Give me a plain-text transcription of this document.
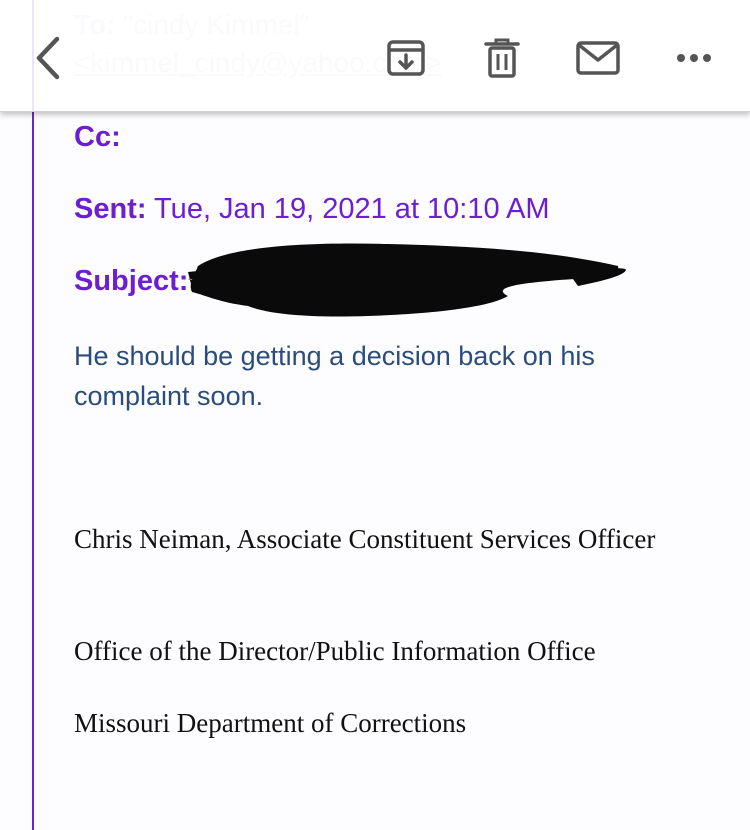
Cc:
Sent: Tue, Jan 19, 2021 at 10:10 AM
Subject:
He should be getting a decision back on his complaint soon.
Chris Neiman, Associate Constituent Services Officer
Office of the Director/Public Information Office
Missouri Department of Corrections
